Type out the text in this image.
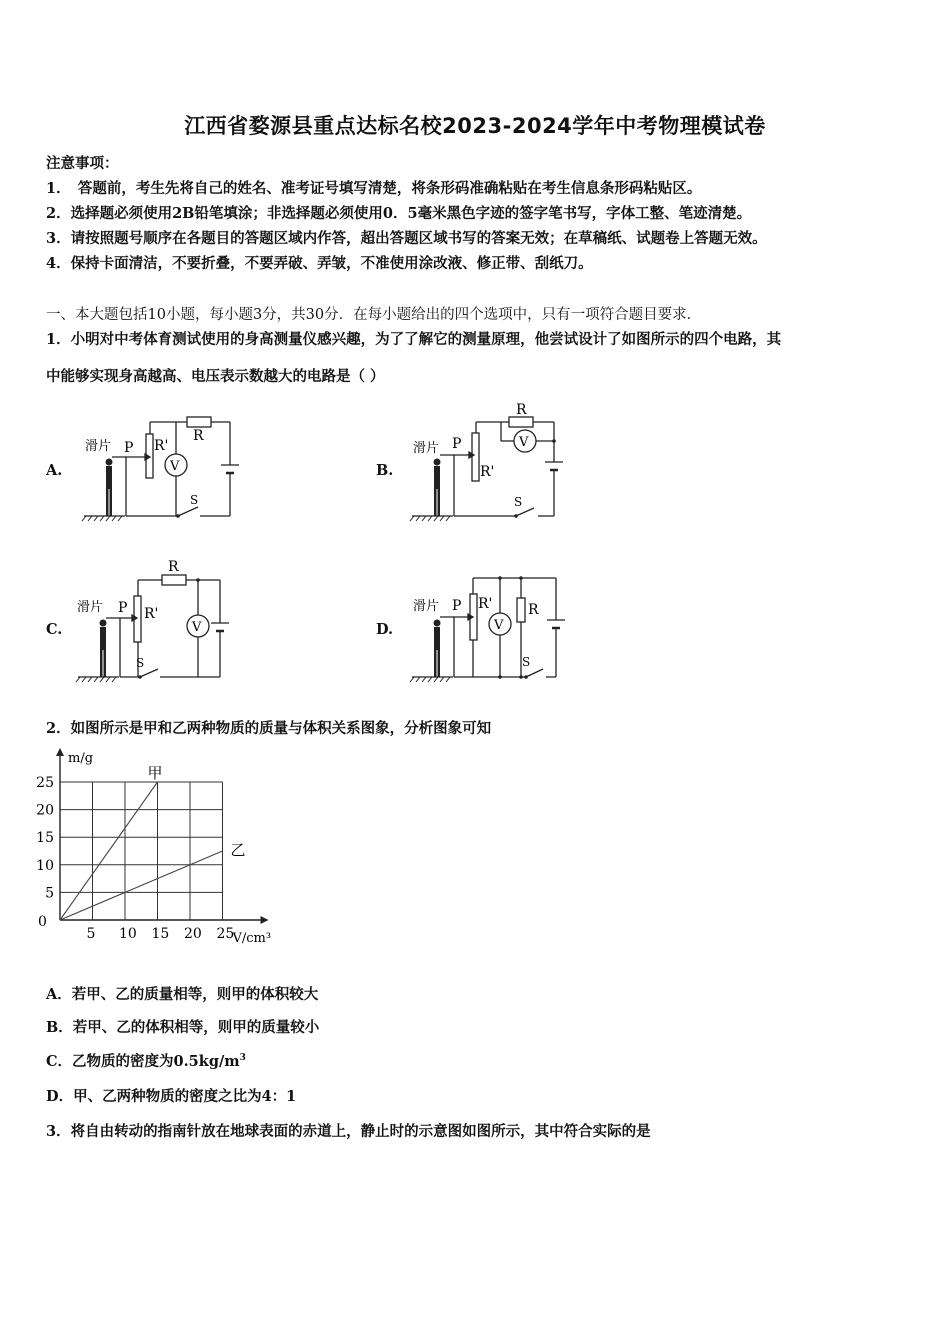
江西省婺源县重点达标名校2023-2024学年中考物理模试卷
注意事项：
1．　答题前，考生先将自己的姓名、准考证号填写清楚，将条形码准确粘贴在考生信息条形码粘贴区。
2．选择题必须使用2B铅笔填涂；非选择题必须使用0．5毫米黑色字迹的签字笔书写，字体工整、笔迹清楚。
3．请按照题号顺序在各题目的答题区域内作答，超出答题区域书写的答案无效；在草稿纸、试题卷上答题无效。
4．保持卡面清洁，不要折叠，不要弄破、弄皱，不准使用涂改液、修正带、刮纸刀。
一、本大题包括10小题，每小题3分，共30分．在每小题给出的四个选项中，只有一项符合题目要求．
1．小明对中考体育测试使用的身高测量仪感兴趣，为了了解它的测量原理，他尝试设计了如图所示的四个电路，其
中能够实现身高越高、电压表示数越大的电路是（ ）
A.	B.
C.	D.
滑片 P R'
R
V
S
滑片 P
R'
R
V
S
滑片 P R'
R
V
S
滑片 P R'	R
V
S
2．如图所示是甲和乙两种物质的质量与体积关系图象，分析图象可知
甲
乙
0
5 10 15 20 25
5
10
15
20
25
m/g
V/cm³
A．若甲、乙的质量相等，则甲的体积较大
B．若甲、乙的体积相等，则甲的质量较小
C．乙物质的密度为$0.5kg/m^3$
D．甲、乙两种物质的密度之比为4：1
3．将自由转动的指南针放在地球表面的赤道上，静止时的示意图如图所示，其中符合实际的是
